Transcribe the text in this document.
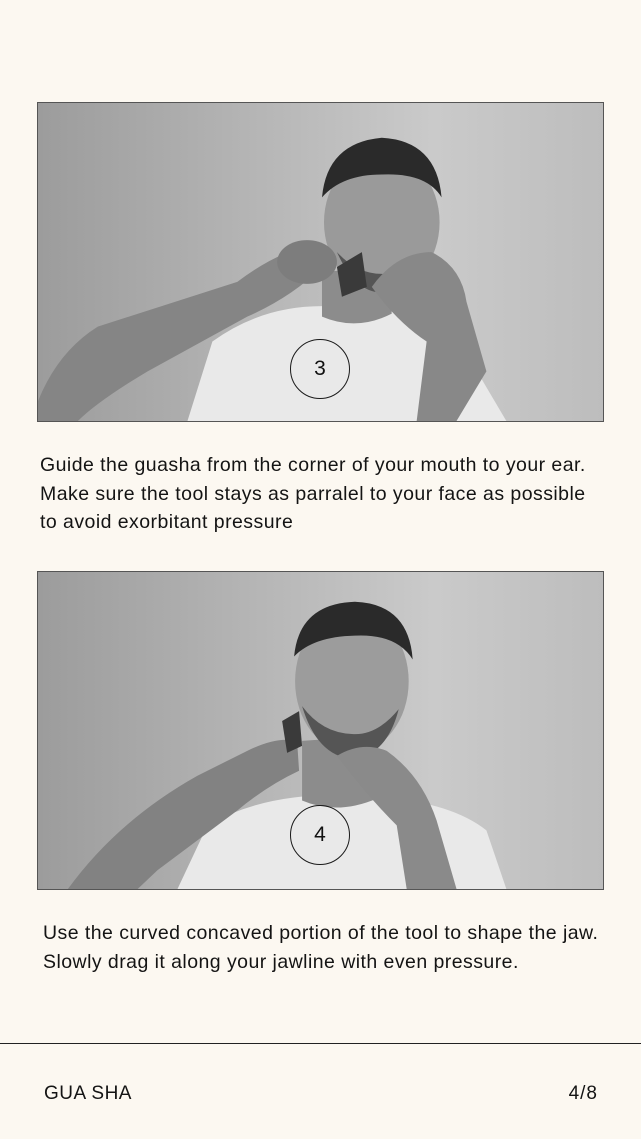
3

Guide the guasha from the corner of your mouth to your ear. Make sure the tool stays as parralel to your face as possible to avoid exorbitant pressure

4

Use the curved concaved portion of the tool to shape the jaw. Slowly drag it along your jawline with even pressure.

GUA SHA	4/8
